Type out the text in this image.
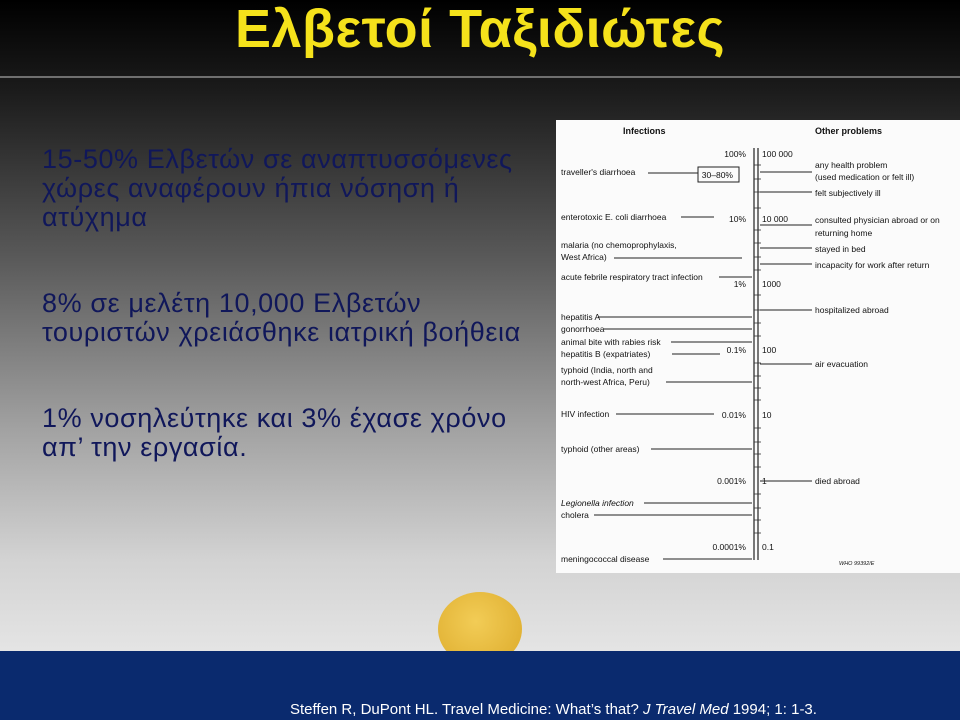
Ελβετοί Ταξιδιώτες
15-50% Ελβετών σε αναπτυσσόμενες χώρες αναφέρουν ήπια νόσηση ή ατύχημα
8% σε μελέτη 10,000 Ελβετών τουριστών χρειάσθηκε ιατρική βοήθεια
1% νοσηλεύτηκε και 3% έχασε χρόνο απ’ την εργασία.
Infections	Other problems
100%
30–80%
10%
1%
0.1%
0.01%
0.001%
0.0001%
100 000
10 000
1000
100
10
1
0.1
traveller's diarrhoea
enterotoxic E. coli diarrhoea
malaria (no chemoprophylaxis,
West Africa)
acute febrile respiratory tract infection
hepatitis A
gonorrhoea
animal bite with rabies risk
hepatitis B (expatriates)
typhoid (India, north and
north-west Africa, Peru)
HIV infection
typhoid (other areas)
Legionella infection
cholera
meningococcal disease
any health problem
(used medication or felt ill)
felt subjectively ill
consulted physician abroad or on
returning home
stayed in bed
incapacity for work after return
hospitalized abroad
air evacuation
died abroad
WHO 99392/E
Steffen R, DuPont HL. Travel Medicine: What’s that? J Travel Med 1994; 1: 1-3.
